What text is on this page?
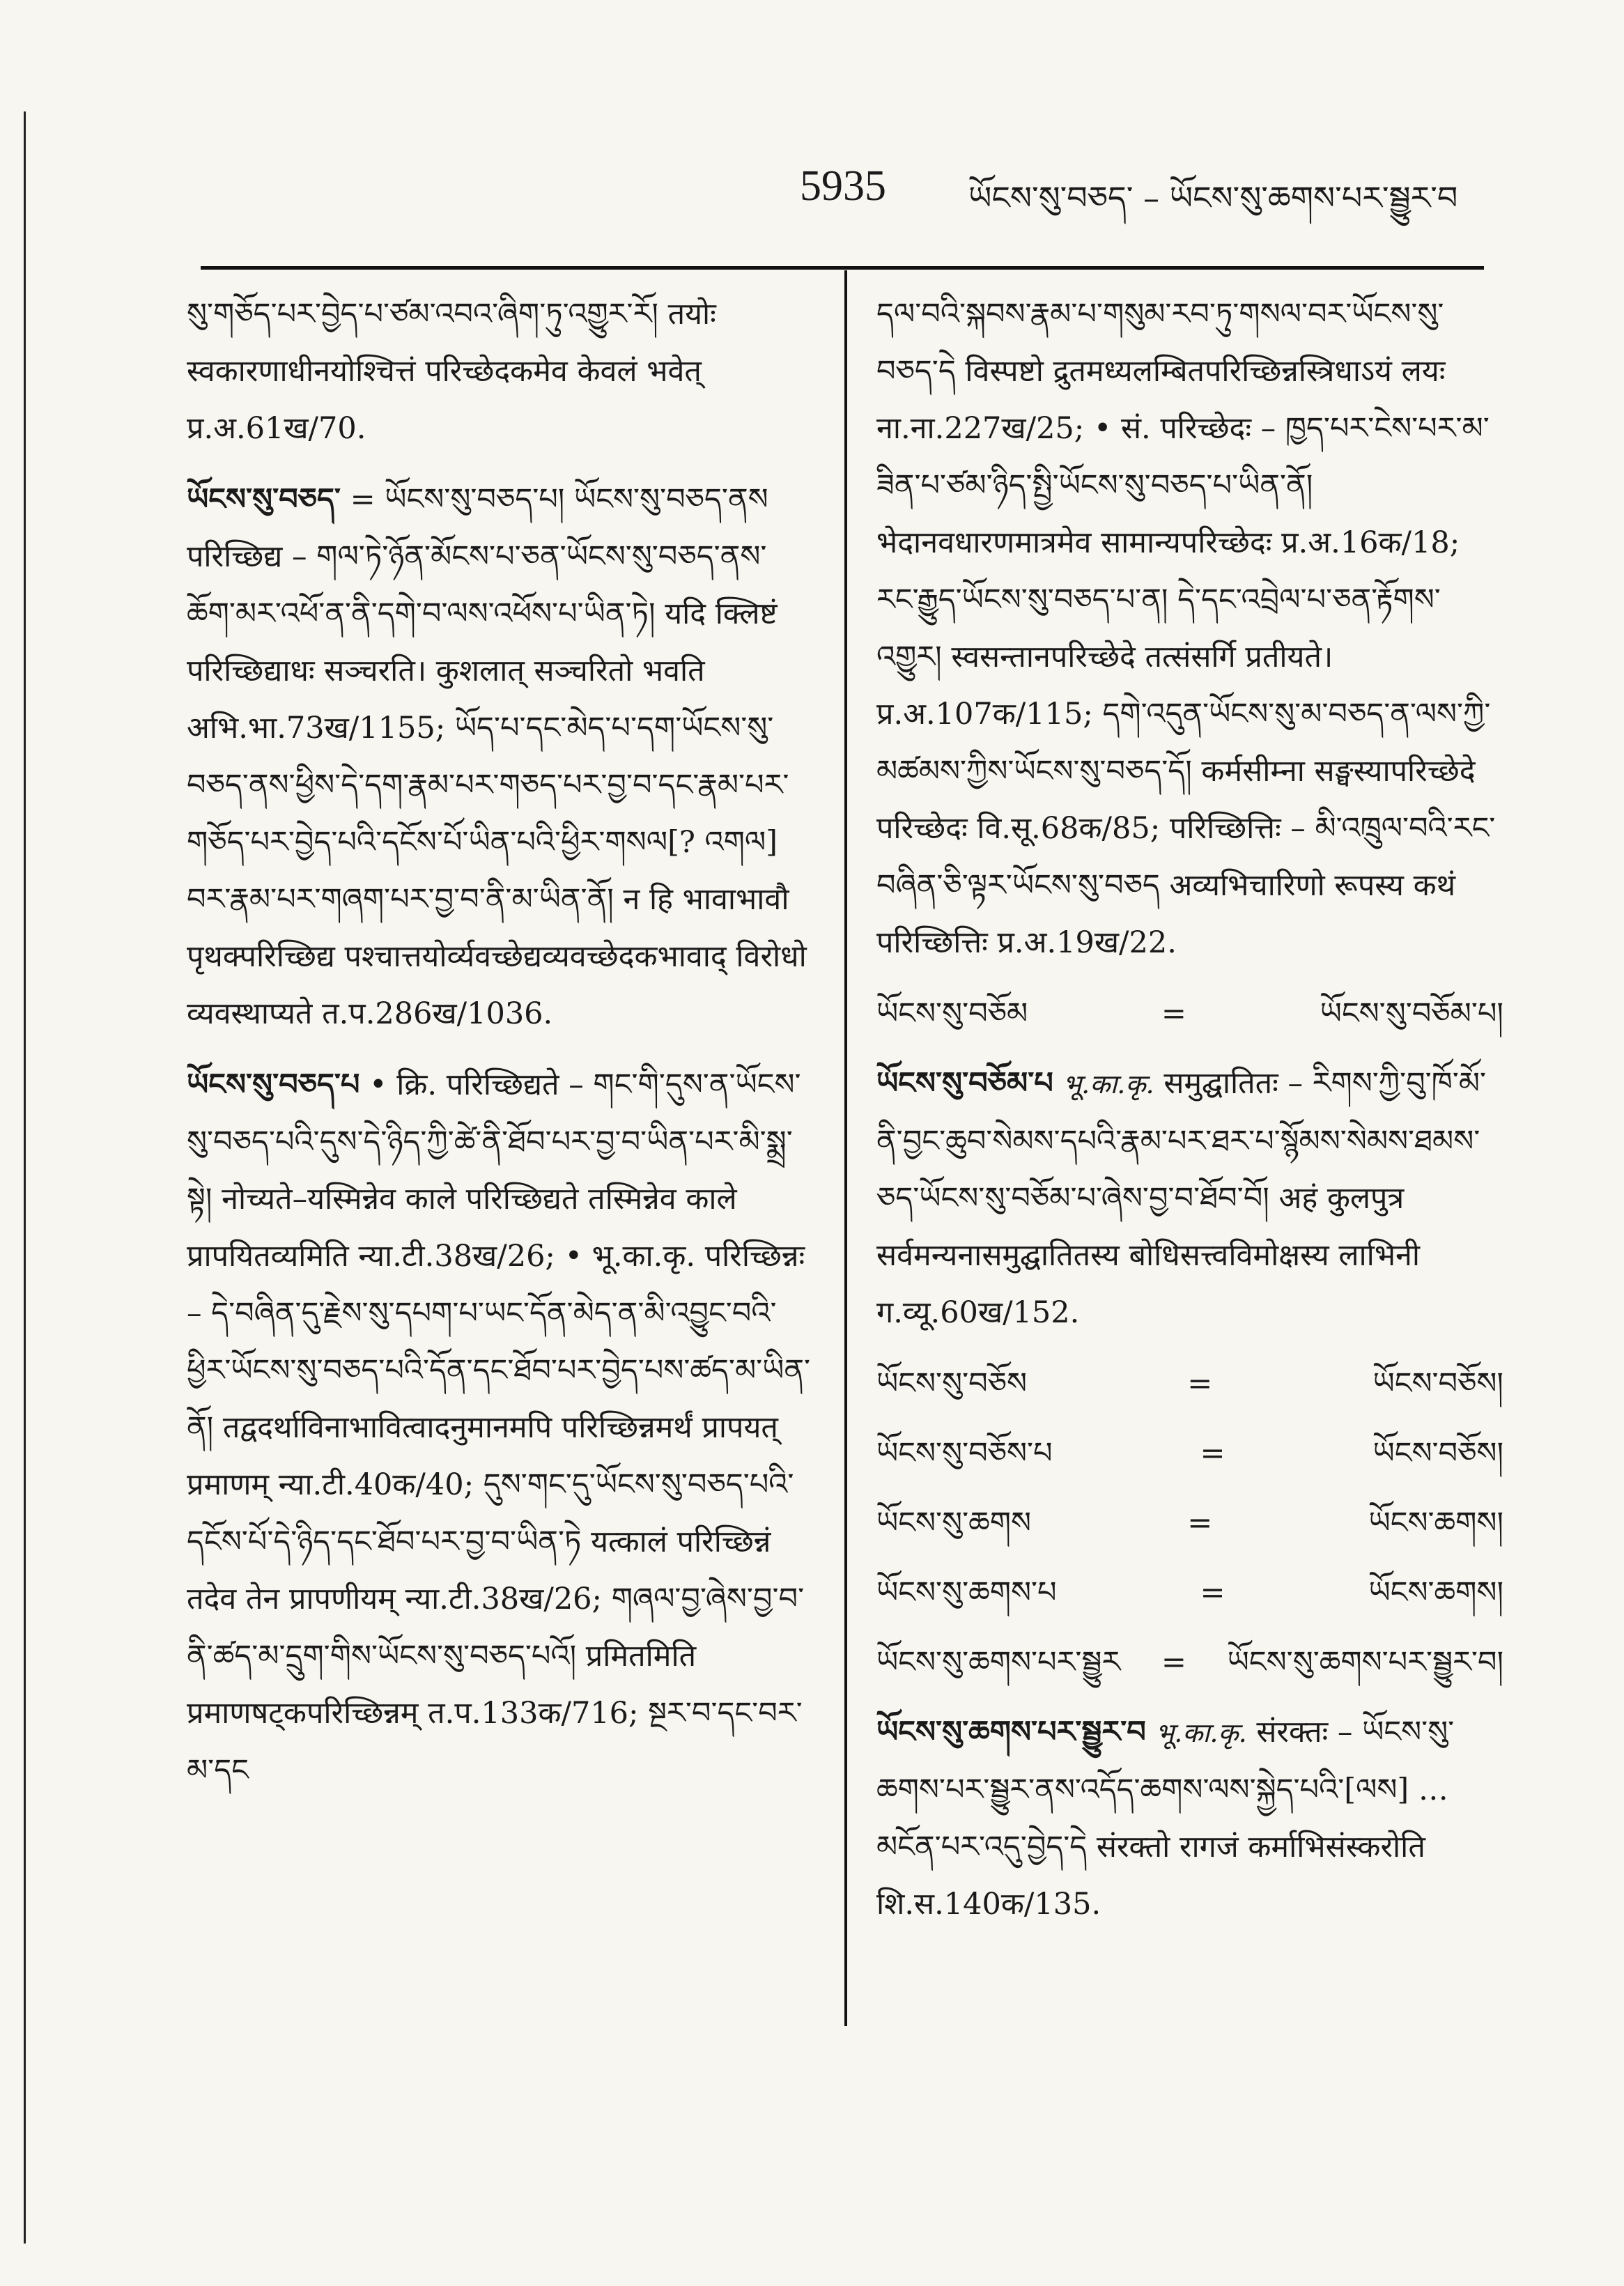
5935	ཡོངས་སུ་བཅད་ – ཡོངས་སུ་ཆགས་པར་སྦྱུར་བ

སུ་གཅོད་པར་བྱེད་པ་ཙམ་འབའ་ཞིག་ཏུ་འགྱུར་རོ། तयोः स्वकारणाधीनयोश्चित्तं परिच्छेदकमेव केवलं भवेत् प्र.अ.61ख/70.

ཡོངས་སུ་བཅད་ = ཡོངས་སུ་བཅད་པ། ཡོངས་སུ་བཅད་ནས परिच्छिद्य – གལ་ཏེ་ཉོན་མོངས་པ་ཅན་ཡོངས་སུ་བཅད་ནས་ཆོག་མར་འཕོ་ན་ནི་དགེ་བ་ལས་འཕོས་པ་ཡིན་ཏེ། यदि क्लिष्टं परिच्छिद्याधः सञ्चरति। कुशलात् सञ्चरितो भवति अभि.भा.73ख/1155; ཡོད་པ་དང་མེད་པ་དག་ཡོངས་སུ་བཅད་ནས་ཕྱིས་དེ་དག་རྣམ་པར་གཅད་པར་བྱ་བ་དང་རྣམ་པར་གཅོད་པར་བྱེད་པའི་དངོས་པོ་ཡིན་པའི་ཕྱིར་གསལ[? འགལ] བར་རྣམ་པར་གཞག་པར་བྱ་བ་ནི་མ་ཡིན་ནོ། न हि भावाभावौ पृथक्परिच्छिद्य पश्चात्तयोर्व्यवच्छेद्यव्यवच्छेदकभावाद् विरोधो व्यवस्थाप्यते त.प.286ख/1036.

ཡོངས་སུ་བཅད་པ • क्रि. परिच्छिद्यते – གང་གི་དུས་ན་ཡོངས་སུ་བཅད་པའི་དུས་དེ་ཉིད་ཀྱི་ཚེ་ནི་ཐོབ་པར་བྱ་བ་ཡིན་པར་མི་སྨྲ་སྟེ། नोच्यते–यस्मिन्नेव काले परिच्छिद्यते तस्मिन्नेव काले प्रापयितव्यमिति न्या.टी.38ख/26; • भू.का.कृ. परिच्छिन्नः – དེ་བཞིན་དུ་རྗེས་སུ་དཔག་པ་ཡང་དོན་མེད་ན་མི་འབྱུང་བའི་ཕྱིར་ཡོངས་སུ་བཅད་པའི་དོན་དང་ཐོབ་པར་བྱེད་པས་ཚད་མ་ཡིན་ནོ། तद्वदर्थाविनाभावित्वादनुमानमपि परिच्छिन्नमर्थं प्रापयत् प्रमाणम् न्या.टी.40क/40; དུས་གང་དུ་ཡོངས་སུ་བཅད་པའི་དངོས་པོ་དེ་ཉིད་དང་ཐོབ་པར་བྱ་བ་ཡིན་ཏེ यत्कालं परिच्छिन्नं तदेव तेन प्रापणीयम् न्या.टी.38ख/26; གཞལ་བྱ་ཞེས་བྱ་བ་ནི་ཚད་མ་དྲུག་གིས་ཡོངས་སུ་བཅད་པའོ། प्रमितमिति प्रमाणषट्कपरिच्छिन्नम् त.प.133क/716; སྔར་བ་དང་བར་མ་དང

དལ་བའི་སྐབས་རྣམ་པ་གསུམ་རབ་ཏུ་གསལ་བར་ཡོངས་སུ་བཅད་དེ विस्पष्टो द्रुतमध्यलम्बितपरिच्छिन्नस्त्रिधाऽयं लयः ना.ना.227ख/25; • सं. परिच्छेदः – ཁྱད་པར་ངེས་པར་མ་ཟིན་པ་ཙམ་ཉིད་སྤྱི་ཡོངས་སུ་བཅད་པ་ཡིན་ནོ། भेदानवधारणमात्रमेव सामान्यपरिच्छेदः प्र.अ.16क/18; རང་རྒྱུད་ཡོངས་སུ་བཅད་པ་ན། དེ་དང་འབྲེལ་པ་ཅན་རྟོགས་འགྱུར། स्वसन्तानपरिच्छेदे तत्संसर्गि प्रतीयते। प्र.अ.107क/115; དགེ་འདུན་ཡོངས་སུ་མ་བཅད་ན་ལས་ཀྱི་མཚམས་ཀྱིས་ཡོངས་སུ་བཅད་དོ། कर्मसीम्ना सङ्घस्यापरिच्छेदे परिच्छेदः वि.सू.68क/85; परिच्छित्तिः – མི་འཁྲུལ་བའི་རང་བཞིན་ཅི་ལྟར་ཡོངས་སུ་བཅད अव्यभिचारिणो रूपस्य कथं परिच्छित्तिः प्र.अ.19ख/22.

ཡོངས་སུ་བཅོམ	=	ཡོངས་སུ་བཅོམ་པ།

ཡོངས་སུ་བཅོམ་པ भू.का.कृ. समुद्घातितः – རིགས་ཀྱི་བུ་ཁོ་མོ་ནི་བྱང་ཆུབ་སེམས་དཔའི་རྣམ་པར་ཐར་པ་སྙོམས་སེམས་ཐམས་ཅད་ཡོངས་སུ་བཅོམ་པ་ཞེས་བྱ་བ་ཐོབ་བོ། अहं कुलपुत्र सर्वमन्यनासमुद्घातितस्य बोधिसत्त्वविमोक्षस्य लाभिनी ग.व्यू.60ख/152.

ཡོངས་སུ་བཅོས	=	ཡོངས་བཅོས།
ཡོངས་སུ་བཅོས་པ	=	ཡོངས་བཅོས།
ཡོངས་སུ་ཆགས	=	ཡོངས་ཆགས།
ཡོངས་སུ་ཆགས་པ	=	ཡོངས་ཆགས།
ཡོངས་སུ་ཆགས་པར་སྦྱུར = ཡོངས་སུ་ཆགས་པར་སྦྱུར་བ།

ཡོངས་སུ་ཆགས་པར་སྦྱུར་བ भू.का.कृ. संरक्तः – ཡོངས་སུ་ཆགས་པར་སྦྱུར་ནས་འདོད་ཆགས་ལས་སྐྱེད་པའི་[ལས] …མངོན་པར་འདུ་བྱེད་དེ संरक्तो रागजं कर्माभिसंस्करोति शि.स.140क/135.
